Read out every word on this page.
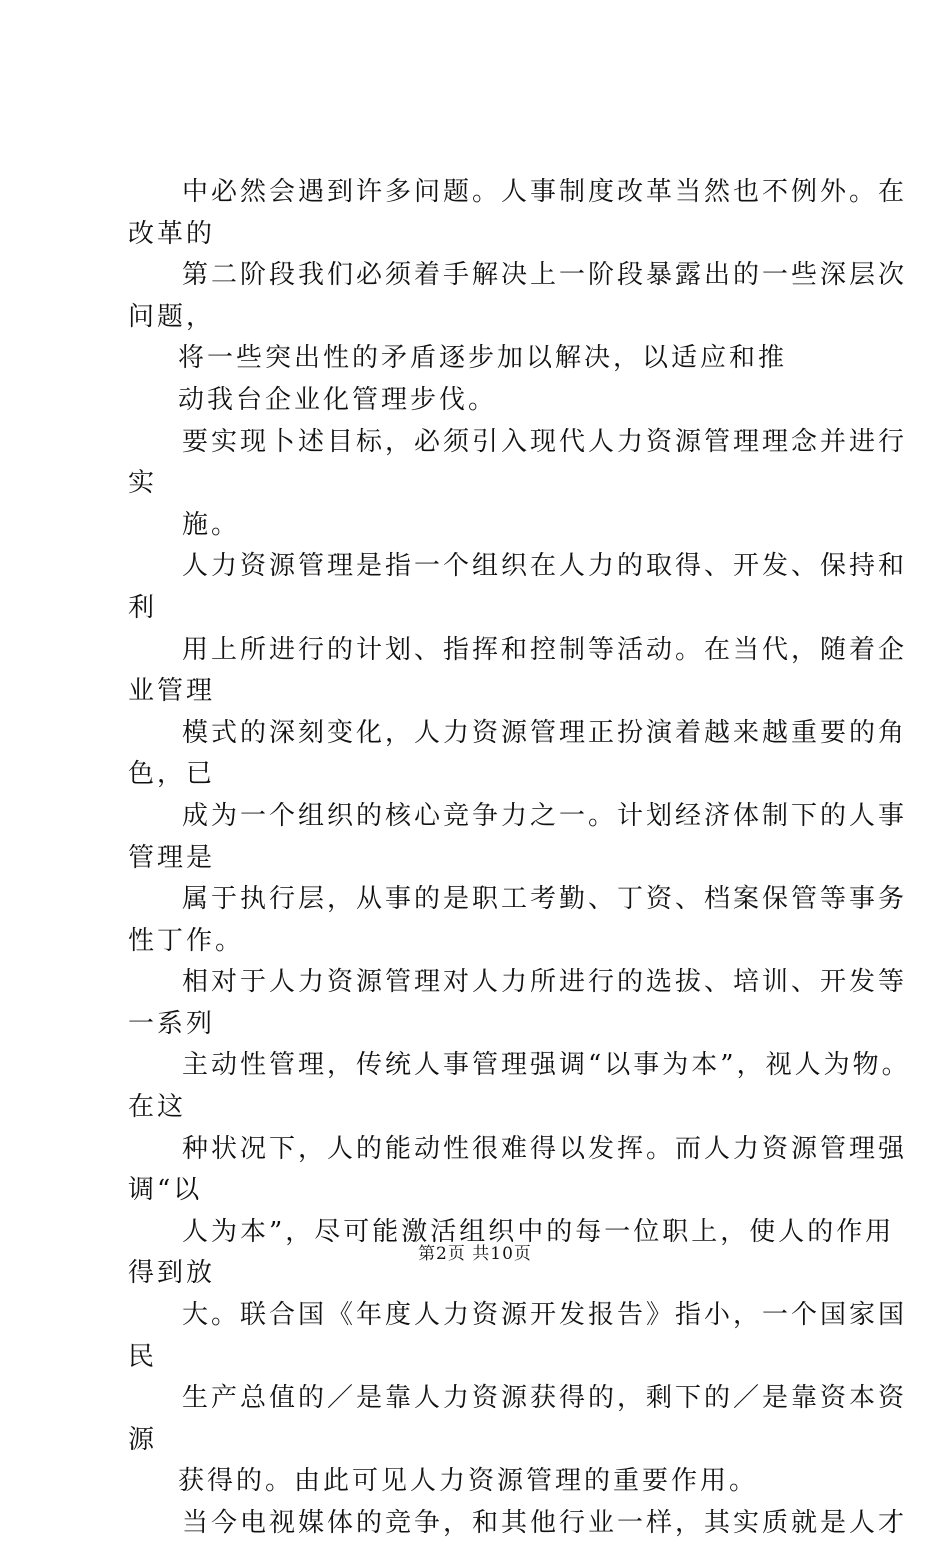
中必然会遇到许多问题。人事制度改革当然也不例外。在
改革的
第二阶段我们必须着手解决上一阶段暴露出的一些深层次
问题，
将一些突出性的矛盾逐步加以解决，以适应和推
动我台企业化管理步伐。
要实现卜述目标，必须引入现代人力资源管理理念并进行
实
施。
人力资源管理是指一个组织在人力的取得、开发、保持和
利
用上所进行的计划、指挥和控制等活动。在当代，随着企
业管理
模式的深刻变化，人力资源管理正扮演着越来越重要的角
色，已
成为一个组织的核心竞争力之一。计划经济体制下的人事
管理是
属于执行层，从事的是职工考勤、丁资、档案保管等事务
性丁作。
相对于人力资源管理对人力所进行的选拔、培训、开发等
一系列
主动性管理，传统人事管理强调“以事为本”，视人为物。
在这
种状况下，人的能动性很难得以发挥。而人力资源管理强
调“以
人为本”，尽可能激活组织中的每一位职上，使人的作用
得到放
大。联合国《年度人力资源开发报告》指小，一个国家国
民
生产总值的／是靠人力资源获得的，剩下的／是靠资本资
源
获得的。由此可见人力资源管理的重要作用。
当今电视媒体的竞争，和其他行业一样，其实质就是人才
第2页 共10页
